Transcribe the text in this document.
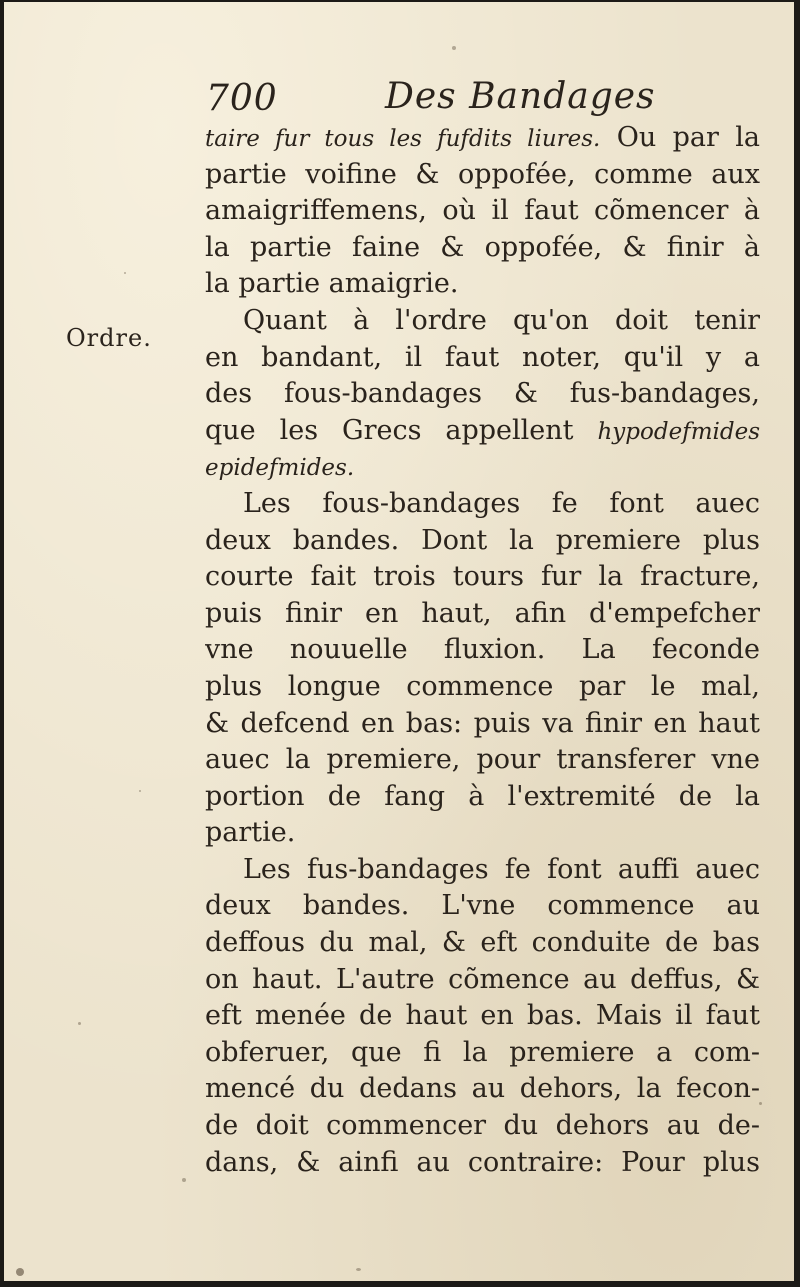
700	Des Bandages
Ordre.
taire fur tous les fufdits liures. Ou par la
partie voifine & oppofée, comme aux
amaigriffemens, où il faut cõmencer à
la partie faine & oppofée, & finir à
la partie amaigrie.
Quant à l'ordre qu'on doit tenir
en bandant, il faut noter, qu'il y a
des fous-bandages & fus-bandages,
que les Grecs appellent hypodefmides
epidefmides.
Les fous-bandages fe font auec
deux bandes. Dont la premiere plus
courte fait trois tours fur la fracture,
puis finir en haut, afin d'empefcher
vne nouuelle fluxion. La feconde
plus longue commence par le mal,
& defcend en bas: puis va finir en haut
auec la premiere, pour transferer vne
portion de fang à l'extremité de la
partie.
Les fus-bandages fe font auffi auec
deux bandes. L'vne commence au
deffous du mal, & eft conduite de bas
on haut. L'autre cõmence au deffus, &
eft menée de haut en bas. Mais il faut
obferuer, que fi la premiere a com-
mencé du dedans au dehors, la fecon-
de doit commencer du dehors au de-
dans, & ainfi au contraire: Pour plus
